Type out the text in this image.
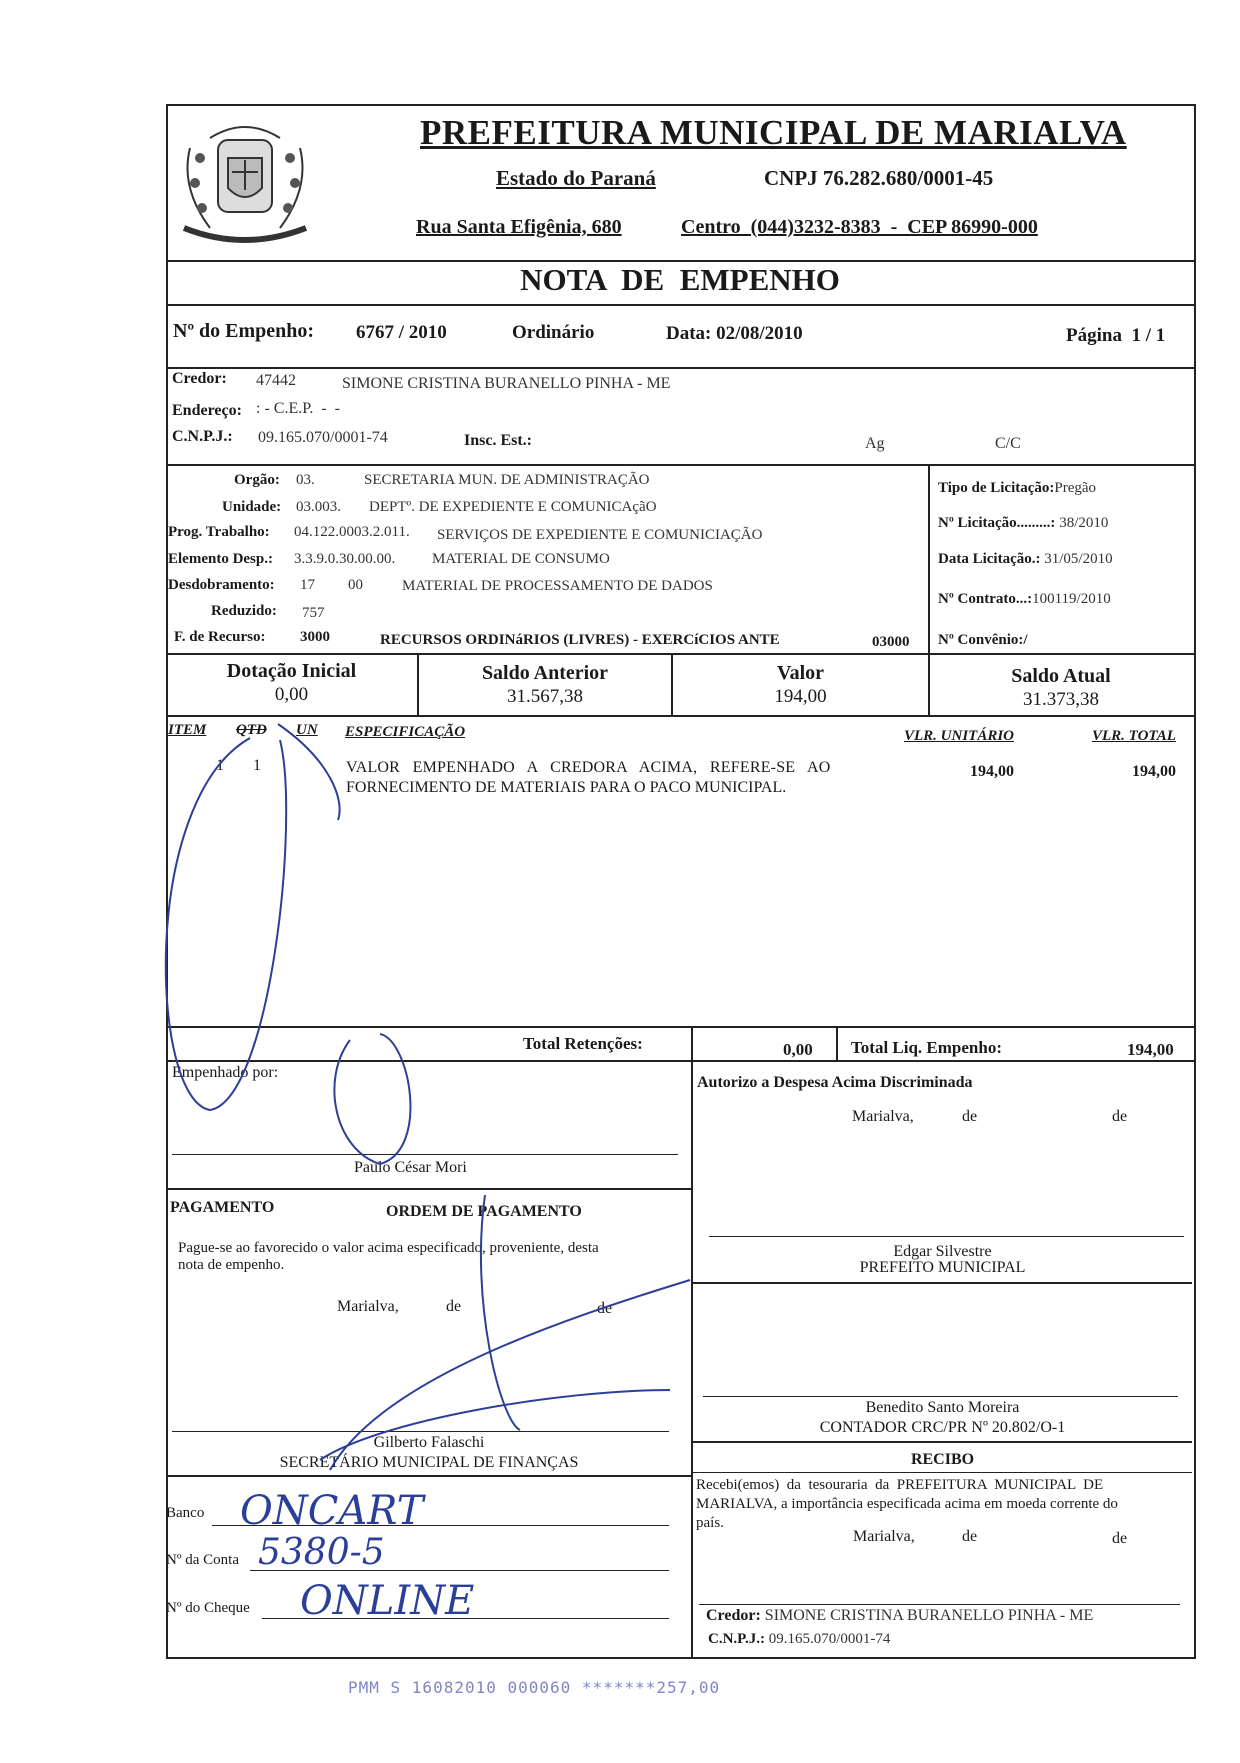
PREFEITURA MUNICIPAL DE MARIALVA
Estado do Paraná	CNPJ 76.282.680/0001-45
Rua Santa Efigênia, 680	Centro  (044)3232-8383  -  CEP 86990-000
NOTA  DE  EMPENHO
Nº do Empenho: 6767 / 2010	Ordinário	Data: 02/08/2010	Página  1 / 1
Credor: 47442	SIMONE CRISTINA BURANELLO PINHA - ME
Endereço: : - C.E.P.  -  -
C.N.P.J.: 09.165.070/0001-74	Insc. Est.:	Ag	C/C
Orgão: 03.	SECRETARIA MUN. DE ADMINISTRAÇÃO
Unidade: 03.003. DEPTº. DE EXPEDIENTE E COMUNICAçãO
Prog. Trabalho: 04.122.0003.2.011. SERVIÇOS DE EXPEDIENTE E COMUNICIAÇÃO
Elemento Desp.: 3.3.9.0.30.00.00. MATERIAL DE CONSUMO
Desdobramento: 17 00	MATERIAL DE PROCESSAMENTO DE DADOS
Reduzido: 757
F. de Recurso: 3000	RECURSOS ORDINáRIOS (LIVRES) - EXERCíCIOS ANTE	03000
Tipo de Licitação:Pregão
Nº Licitação.........: 38/2010
Data Licitação.: 31/05/2010
Nº Contrato...:100119/2010
Nº Convênio:/
Dotação Inicial
0,00
Saldo Anterior
31.567,38
Valor
194,00
Saldo Atual
31.373,38
ITEM QTD UN ESPECIFICAÇÃO	VLR. UNITÁRIO	VLR. TOTAL
1 1	VALOR   EMPENHADO   A   CREDORA   ACIMA,   REFERE-SE   AO
FORNECIMENTO DE MATERIAIS PARA O PACO MUNICIPAL.
194,00	194,00
Total Retenções:	0,00 Total Liq. Empenho:	194,00
Empenhado por:
Paulo César Mori
Autorizo a Despesa Acima Discriminada
Marialva,	de	de
Edgar Silvestre
PREFEITO MUNICIPAL
Benedito Santo Moreira
CONTADOR CRC/PR Nº 20.802/O-1
PAGAMENTO	ORDEM DE PAGAMENTO
Pague-se ao favorecido o valor acima especificado, proveniente, desta
nota de empenho.
Marialva,	de	de
Gilberto Falaschi
SECRETÁRIO MUNICIPAL DE FINANÇAS
Banco ONCART
Nº da Conta 5380-5
Nº do Cheque ONLINE
RECIBO
Recebi(emos)  da  tesouraria  da  PREFEITURA  MUNICIPAL  DE
MARIALVA, a importância especificada acima em moeda corrente do
país.
Marialva,	de	de
Credor: SIMONE CRISTINA BURANELLO PINHA - ME
C.N.P.J.: 09.165.070/0001-74
PMM S 16082010 000060 *******257,00
